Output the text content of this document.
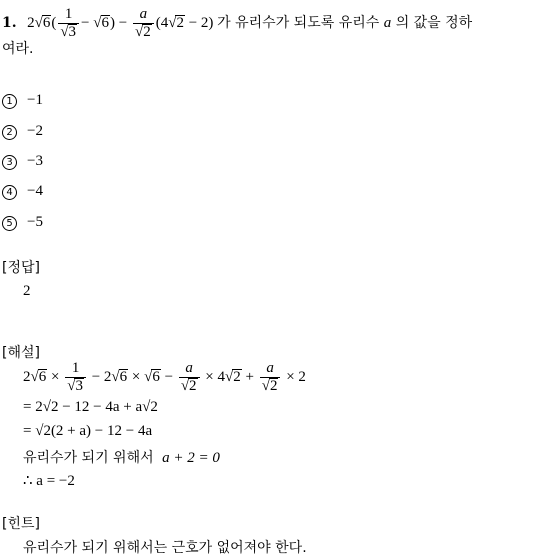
1. $2√6( \frac{1}{√3} - √6) - \frac{a}{√2} (4√2 - 2)$ 가 유리수가 되도록 유리수 a 의 값을 정하
여라.
1 −1
2 −2
3 −3
4 −4
5 −5
[정답]
2
[해설]
$2√6 \times \frac{1}{√3} - 2√6 \times √6 - \frac{a}{√2} \times 4√2 + \frac{a}{√2} \times 2$
= 2√2 − 12 − 4a + a√2
= √2(2 + a) − 12 − 4a
유리수가 되기 위해서 a + 2 = 0
∴ a = −2
[힌트]
유리수가 되기 위해서는 근호가 없어져야 한다.
